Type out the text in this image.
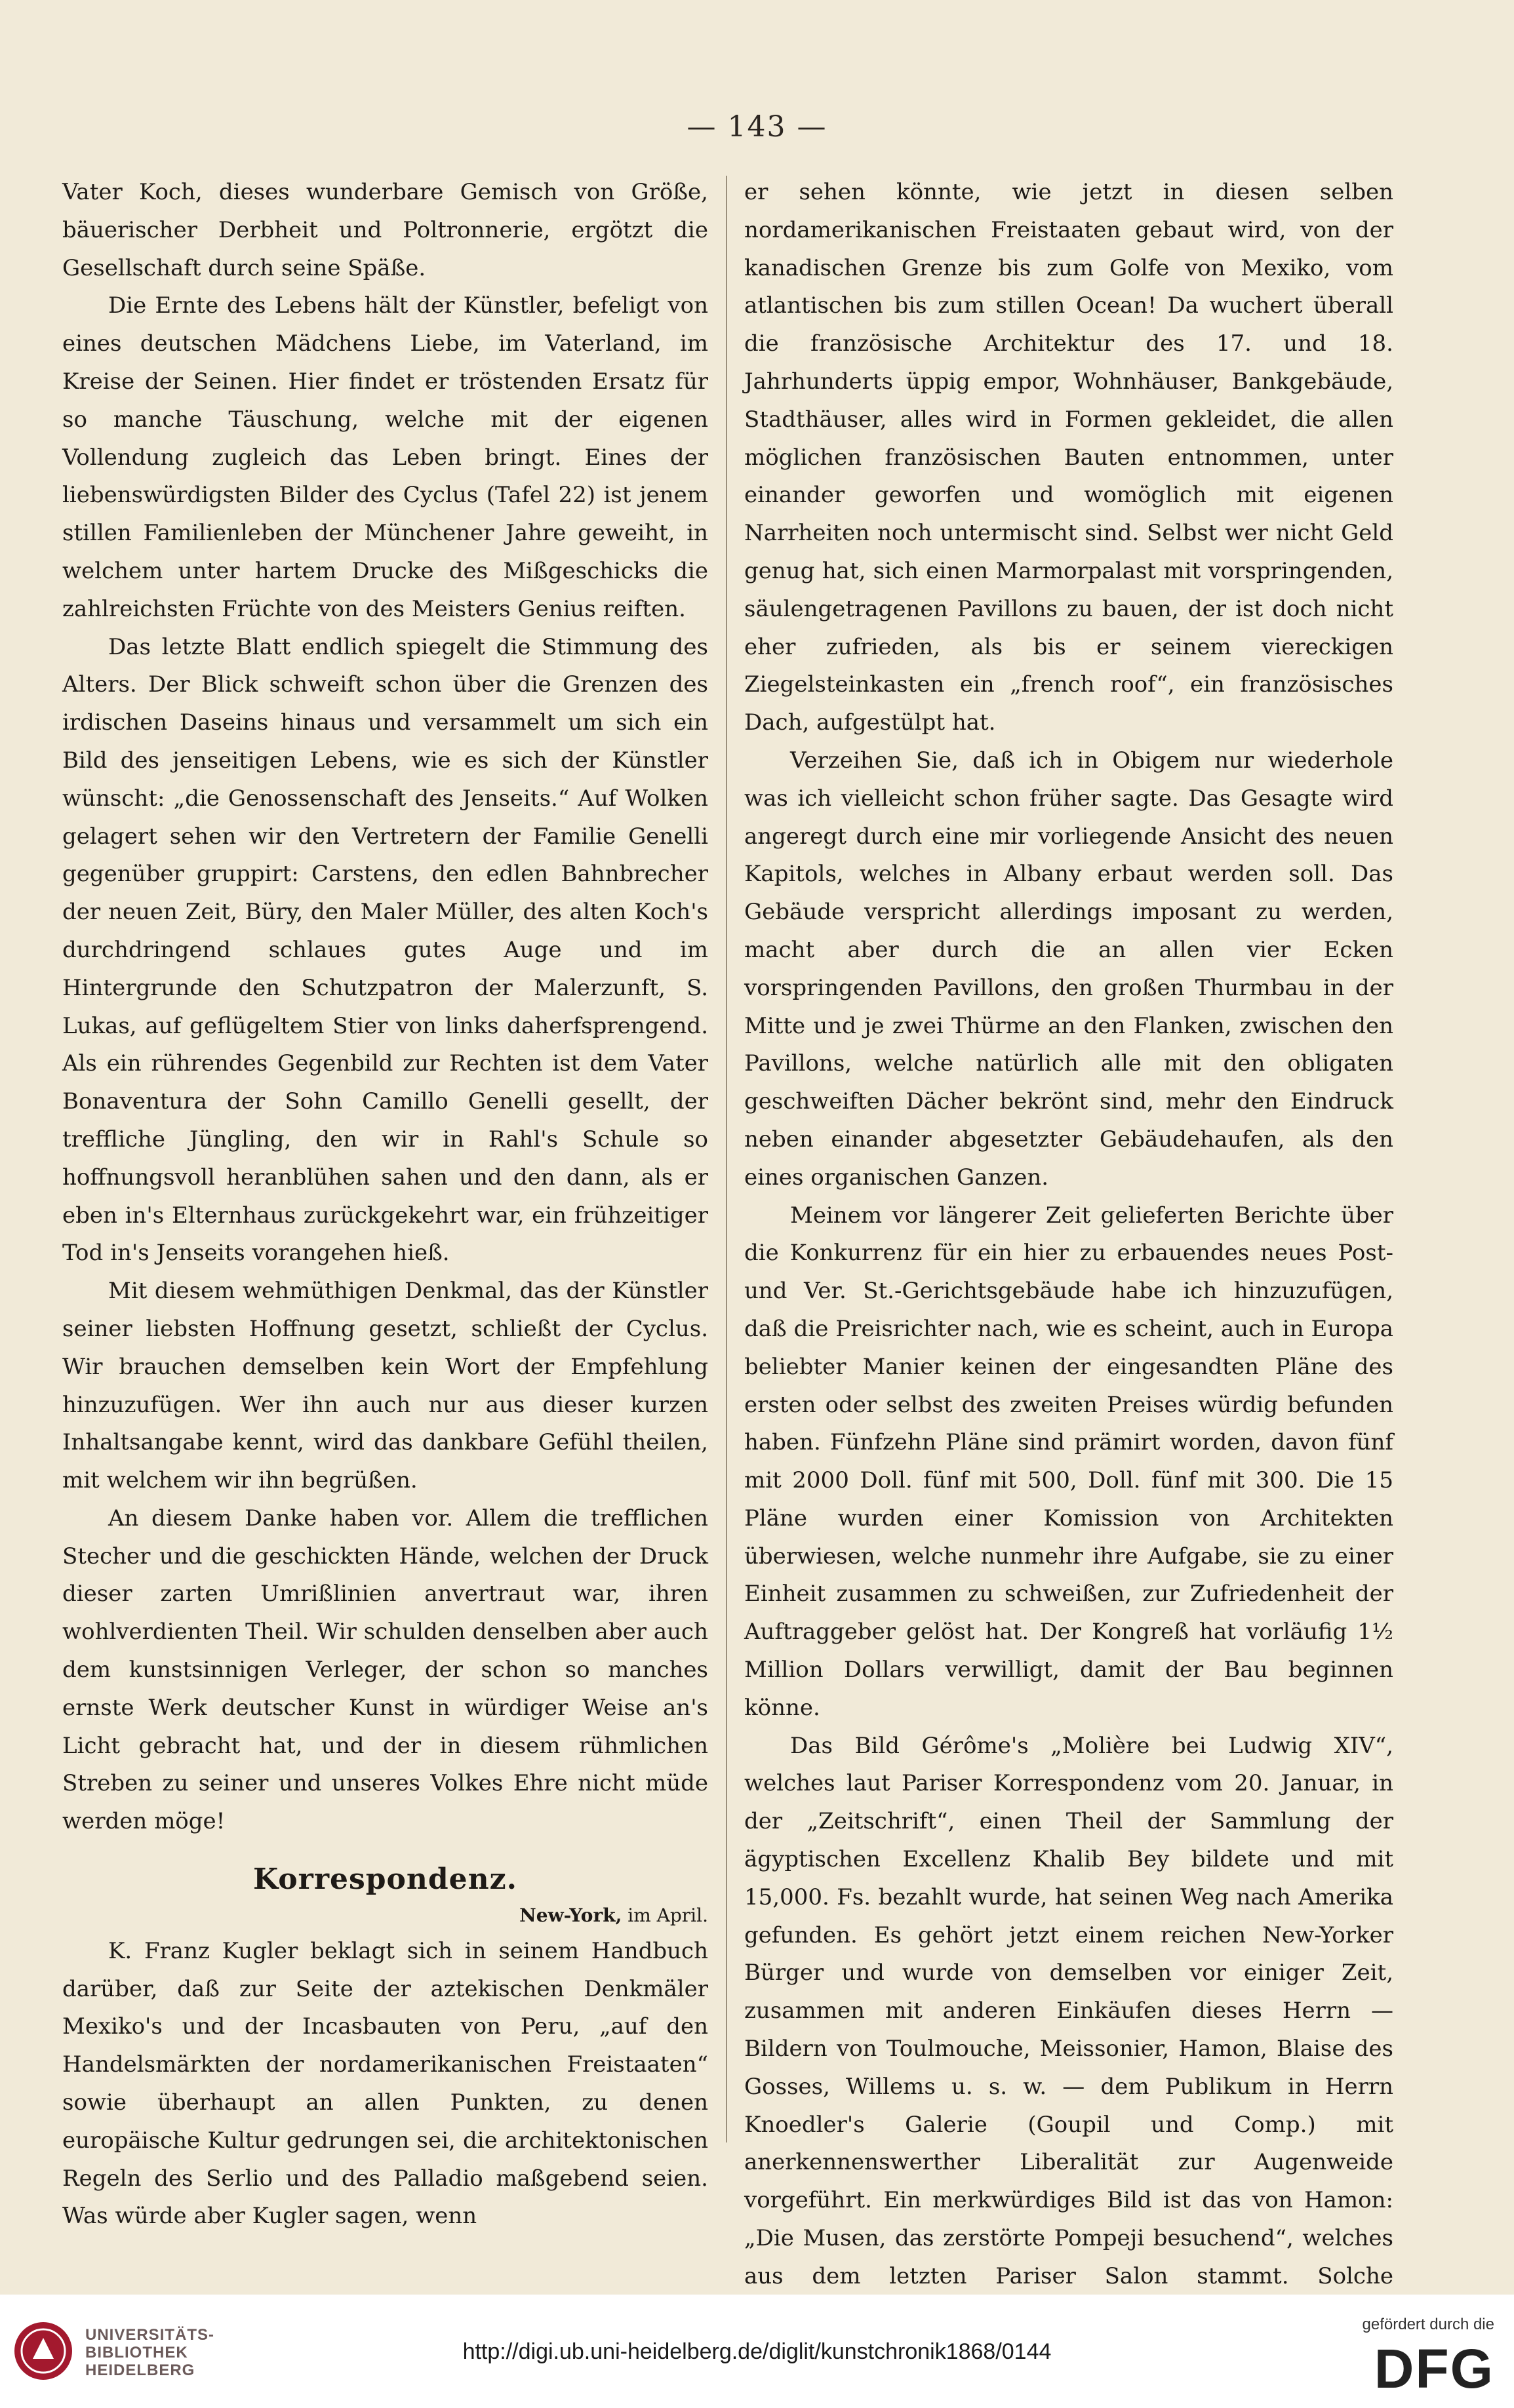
— 143 —

Vater Koch, dieses wunderbare Gemisch von Größe, bäuerischer Derbheit und Poltronnerie, ergötzt die Gesellschaft durch seine Späße.

Die Ernte des Lebens hält der Künstler, befeligt von eines deutschen Mädchens Liebe, im Vaterland, im Kreise der Seinen. Hier findet er tröstenden Ersatz für so manche Täuschung, welche mit der eigenen Vollendung zugleich das Leben bringt. Eines der liebenswürdigsten Bilder des Cyclus (Tafel 22) ist jenem stillen Familienleben der Münchener Jahre geweiht, in welchem unter hartem Drucke des Mißgeschicks die zahlreichsten Früchte von des Meisters Genius reiften.

Das letzte Blatt endlich spiegelt die Stimmung des Alters. Der Blick schweift schon über die Grenzen des irdischen Daseins hinaus und versammelt um sich ein Bild des jenseitigen Lebens, wie es sich der Künstler wünscht: „die Genossenschaft des Jenseits.“ Auf Wolken gelagert sehen wir den Vertretern der Familie Genelli gegenüber gruppirt: Carstens, den edlen Bahnbrecher der neuen Zeit, Büry, den Maler Müller, des alten Koch's durchdringend schlaues gutes Auge und im Hintergrunde den Schutzpatron der Malerzunft, S. Lukas, auf geflügeltem Stier von links daherfsprengend. Als ein rührendes Gegenbild zur Rechten ist dem Vater Bonaventura der Sohn Camillo Genelli gesellt, der treffliche Jüngling, den wir in Rahl's Schule so hoffnungsvoll heranblühen sahen und den dann, als er eben in's Elternhaus zurückgekehrt war, ein frühzeitiger Tod in's Jenseits vorangehen hieß.

Mit diesem wehmüthigen Denkmal, das der Künstler seiner liebsten Hoffnung gesetzt, schließt der Cyclus. Wir brauchen demselben kein Wort der Empfehlung hinzuzufügen. Wer ihn auch nur aus dieser kurzen Inhaltsangabe kennt, wird das dankbare Gefühl theilen, mit welchem wir ihn begrüßen.

An diesem Danke haben vor. Allem die trefflichen Stecher und die geschickten Hände, welchen der Druck dieser zarten Umrißlinien anvertraut war, ihren wohlverdienten Theil. Wir schulden denselben aber auch dem kunstsinnigen Verleger, der schon so manches ernste Werk deutscher Kunst in würdiger Weise an's Licht gebracht hat, und der in diesem rühmlichen Streben zu seiner und unseres Volkes Ehre nicht müde werden möge!

Korrespondenz.
New-York, im April.

K. Franz Kugler beklagt sich in seinem Handbuch darüber, daß zur Seite der aztekischen Denkmäler Mexiko's und der Incasbauten von Peru, „auf den Handelsmärkten der nordamerikanischen Freistaaten“ sowie überhaupt an allen Punkten, zu denen europäische Kultur gedrungen sei, die architektonischen Regeln des Serlio und des Palladio maßgebend seien. Was würde aber Kugler sagen, wenn

er sehen könnte, wie jetzt in diesen selben nordamerikanischen Freistaaten gebaut wird, von der kanadischen Grenze bis zum Golfe von Mexiko, vom atlantischen bis zum stillen Ocean! Da wuchert überall die französische Architektur des 17. und 18. Jahrhunderts üppig empor, Wohnhäuser, Bankgebäude, Stadthäuser, alles wird in Formen gekleidet, die allen möglichen französischen Bauten entnommen, unter einander geworfen und womöglich mit eigenen Narrheiten noch untermischt sind. Selbst wer nicht Geld genug hat, sich einen Marmorpalast mit vorspringenden, säulengetragenen Pavillons zu bauen, der ist doch nicht eher zufrieden, als bis er seinem viereckigen Ziegelsteinkasten ein „french roof“, ein französisches Dach, aufgestülpt hat.

Verzeihen Sie, daß ich in Obigem nur wiederhole was ich vielleicht schon früher sagte. Das Gesagte wird angeregt durch eine mir vorliegende Ansicht des neuen Kapitols, welches in Albany erbaut werden soll. Das Gebäude verspricht allerdings imposant zu werden, macht aber durch die an allen vier Ecken vorspringenden Pavillons, den großen Thurmbau in der Mitte und je zwei Thürme an den Flanken, zwischen den Pavillons, welche natürlich alle mit den obligaten geschweiften Dächer bekrönt sind, mehr den Eindruck neben einander abgesetzter Gebäudehaufen, als den eines organischen Ganzen.

Meinem vor längerer Zeit gelieferten Berichte über die Konkurrenz für ein hier zu erbauendes neues Post- und Ver. St.-Gerichtsgebäude habe ich hinzuzufügen, daß die Preisrichter nach, wie es scheint, auch in Europa beliebter Manier keinen der eingesandten Pläne des ersten oder selbst des zweiten Preises würdig befunden haben. Fünfzehn Pläne sind prämirt worden, davon fünf mit 2000 Doll. fünf mit 500, Doll. fünf mit 300. Die 15 Pläne wurden einer Komission von Architekten überwiesen, welche nunmehr ihre Aufgabe, sie zu einer Einheit zusammen zu schweißen, zur Zufriedenheit der Auftraggeber gelöst hat. Der Kongreß hat vorläufig 1½ Million Dollars verwilligt, damit der Bau beginnen könne.

Das Bild Gérôme's „Molière bei Ludwig XIV“, welches laut Pariser Korrespondenz vom 20. Januar, in der „Zeitschrift“, einen Theil der Sammlung der ägyptischen Excellenz Khalib Bey bildete und mit 15,000. Fs. bezahlt wurde, hat seinen Weg nach Amerika gefunden. Es gehört jetzt einem reichen New-Yorker Bürger und wurde von demselben vor einiger Zeit, zusammen mit anderen Einkäufen dieses Herrn — Bildern von Toulmouche, Meissonier, Hamon, Blaise des Gosses, Willems u. s. w. — dem Publikum in Herrn Knoedler's Galerie (Goupil und Comp.) mit anerkennenswerther Liberalität zur Augenweide vorgeführt. Ein merkwürdiges Bild ist das von Hamon: „Die Musen, das zerstörte Pompeji besuchend“, welches aus dem letzten Pariser Salon stammt. Solche

UNIVERSITÄTS-
BIBLIOTHEK
HEIDELBERG
http://digi.ub.uni-heidelberg.de/diglit/kunstchronik1868/0144
gefördert durch die
DFG
